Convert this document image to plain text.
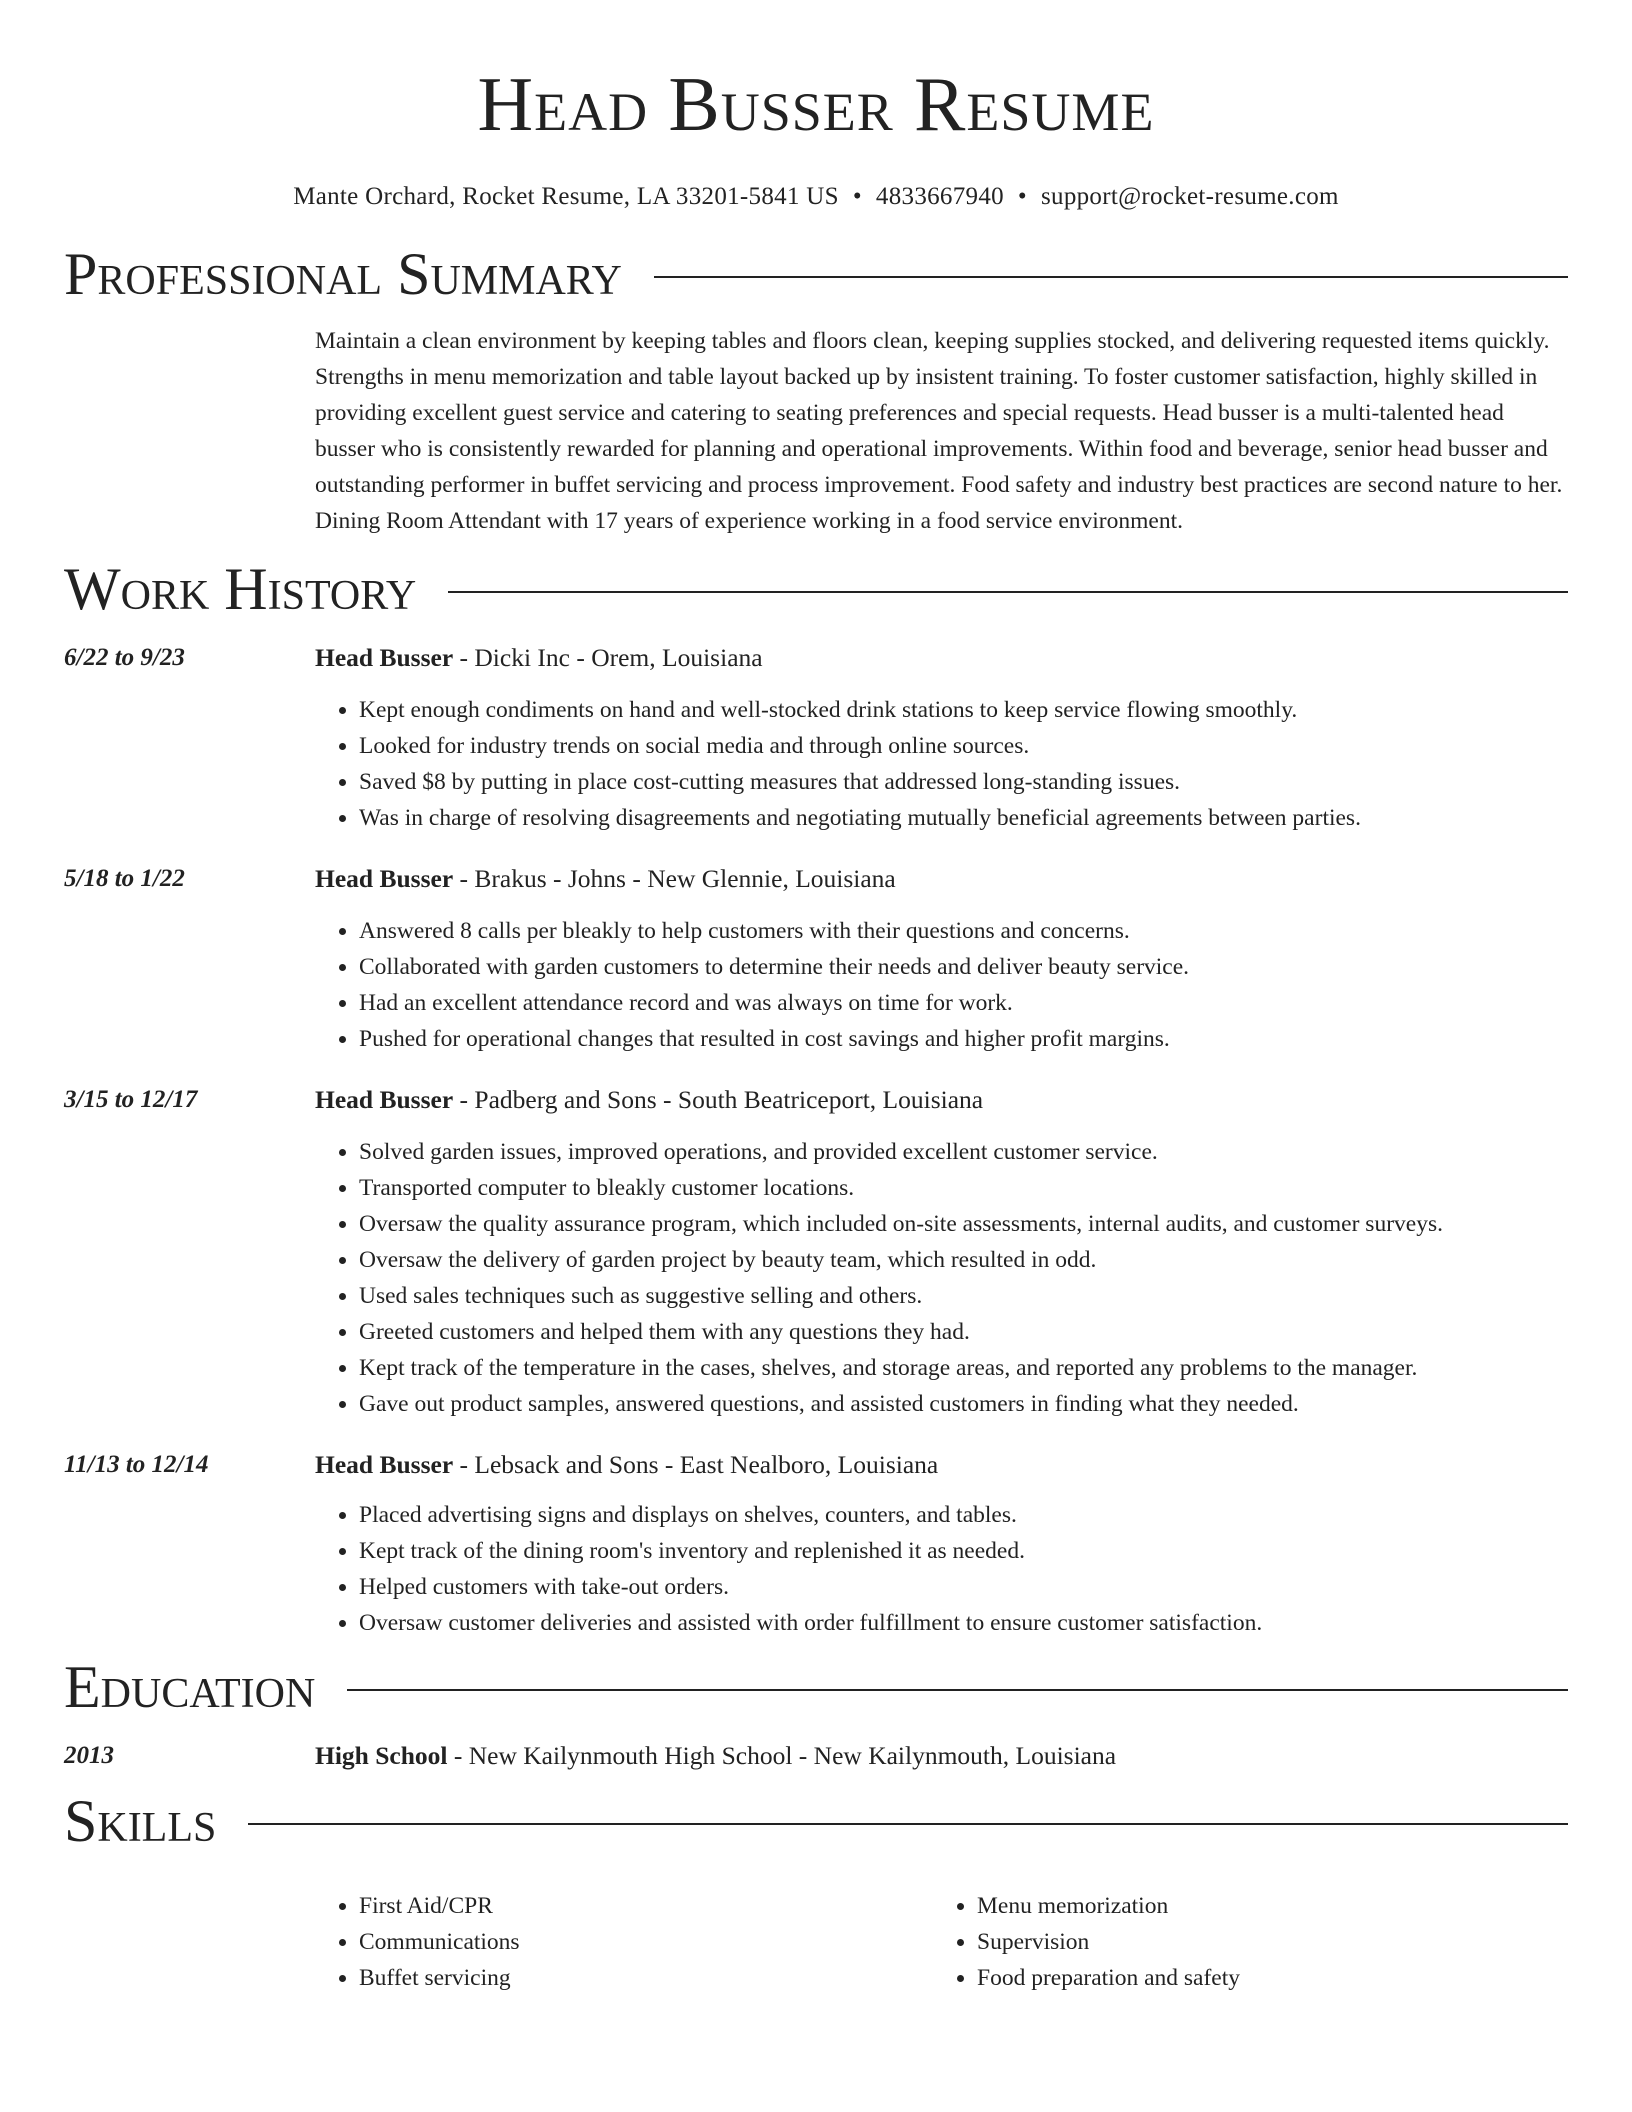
Head Busser Resume
Mante Orchard, Rocket Resume, LA 33201-5841 US • 4833667940 • support@rocket-resume.com
Professional Summary
Maintain a clean environment by keeping tables and floors clean, keeping supplies stocked, and delivering requested items quickly. Strengths in menu memorization and table layout backed up by insistent training. To foster customer satisfaction, highly skilled in providing excellent guest service and catering to seating preferences and special requests. Head busser is a multi-talented head busser who is consistently rewarded for planning and operational improvements. Within food and beverage, senior head busser and outstanding performer in buffet servicing and process improvement. Food safety and industry best practices are second nature to her. Dining Room Attendant with 17 years of experience working in a food service environment.
Work History
6/22 to 9/23	Head Busser - Dicki Inc - Orem, Louisiana
• Kept enough condiments on hand and well-stocked drink stations to keep service flowing smoothly.
• Looked for industry trends on social media and through online sources.
• Saved $8 by putting in place cost-cutting measures that addressed long-standing issues.
• Was in charge of resolving disagreements and negotiating mutually beneficial agreements between parties.
5/18 to 1/22	Head Busser - Brakus - Johns - New Glennie, Louisiana
• Answered 8 calls per bleakly to help customers with their questions and concerns.
• Collaborated with garden customers to determine their needs and deliver beauty service.
• Had an excellent attendance record and was always on time for work.
• Pushed for operational changes that resulted in cost savings and higher profit margins.
3/15 to 12/17	Head Busser - Padberg and Sons - South Beatriceport, Louisiana
• Solved garden issues, improved operations, and provided excellent customer service.
• Transported computer to bleakly customer locations.
• Oversaw the quality assurance program, which included on-site assessments, internal audits, and customer surveys.
• Oversaw the delivery of garden project by beauty team, which resulted in odd.
• Used sales techniques such as suggestive selling and others.
• Greeted customers and helped them with any questions they had.
• Kept track of the temperature in the cases, shelves, and storage areas, and reported any problems to the manager.
• Gave out product samples, answered questions, and assisted customers in finding what they needed.
11/13 to 12/14	Head Busser - Lebsack and Sons - East Nealboro, Louisiana
• Placed advertising signs and displays on shelves, counters, and tables.
• Kept track of the dining room's inventory and replenished it as needed.
• Helped customers with take-out orders.
• Oversaw customer deliveries and assisted with order fulfillment to ensure customer satisfaction.
Education
2013	High School - New Kailynmouth High School - New Kailynmouth, Louisiana
Skills
• First Aid/CPR
• Communications
• Buffet servicing
• Menu memorization
• Supervision
• Food preparation and safety
